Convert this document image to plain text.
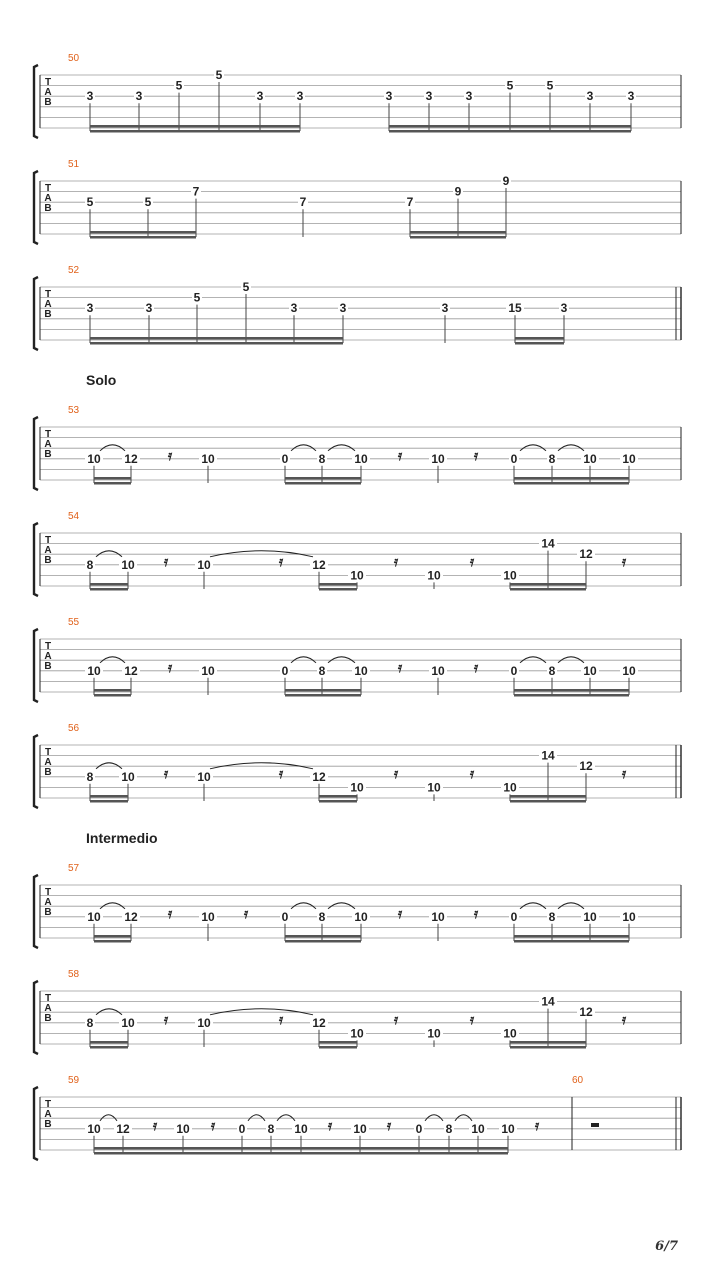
T
A
B
50
3	3
5
5
3	3	3	3	3
5	5
3	3
T
A
B
51
5	5
7
7	7
9
9
T
A
B
52
3	3
5
5
3	3	3	15	3
T
A
B
53
10 12	10	0	8 10	10	0	8 10 10
T
A
B
54
8 10	10	12
10	10	10
14
12
T
A
B
55
10 12	10	0	8 10	10	0	8 10 10
T
A
B
56
8 10	10	12
10	10	10
14
12
T
A
B
57
10 12	10	0	8 10	10	0	8 10 10
T
A
B
58
8 10	10	12
10	10	10
14
12
T
A
B
59	60
10 12	10	0 8 10	10	0 8 10 10
𝄿	𝄿	𝄿
𝄿	𝄿	𝄿	𝄿	𝄿
𝄿	𝄿	𝄿
𝄿	𝄿	𝄿	𝄿	𝄿
𝄿	𝄿	𝄿	𝄿
𝄿	𝄿	𝄿	𝄿	𝄿
𝄿	𝄿	𝄿	𝄿	𝄿
Solo
Intermedio
6/7
